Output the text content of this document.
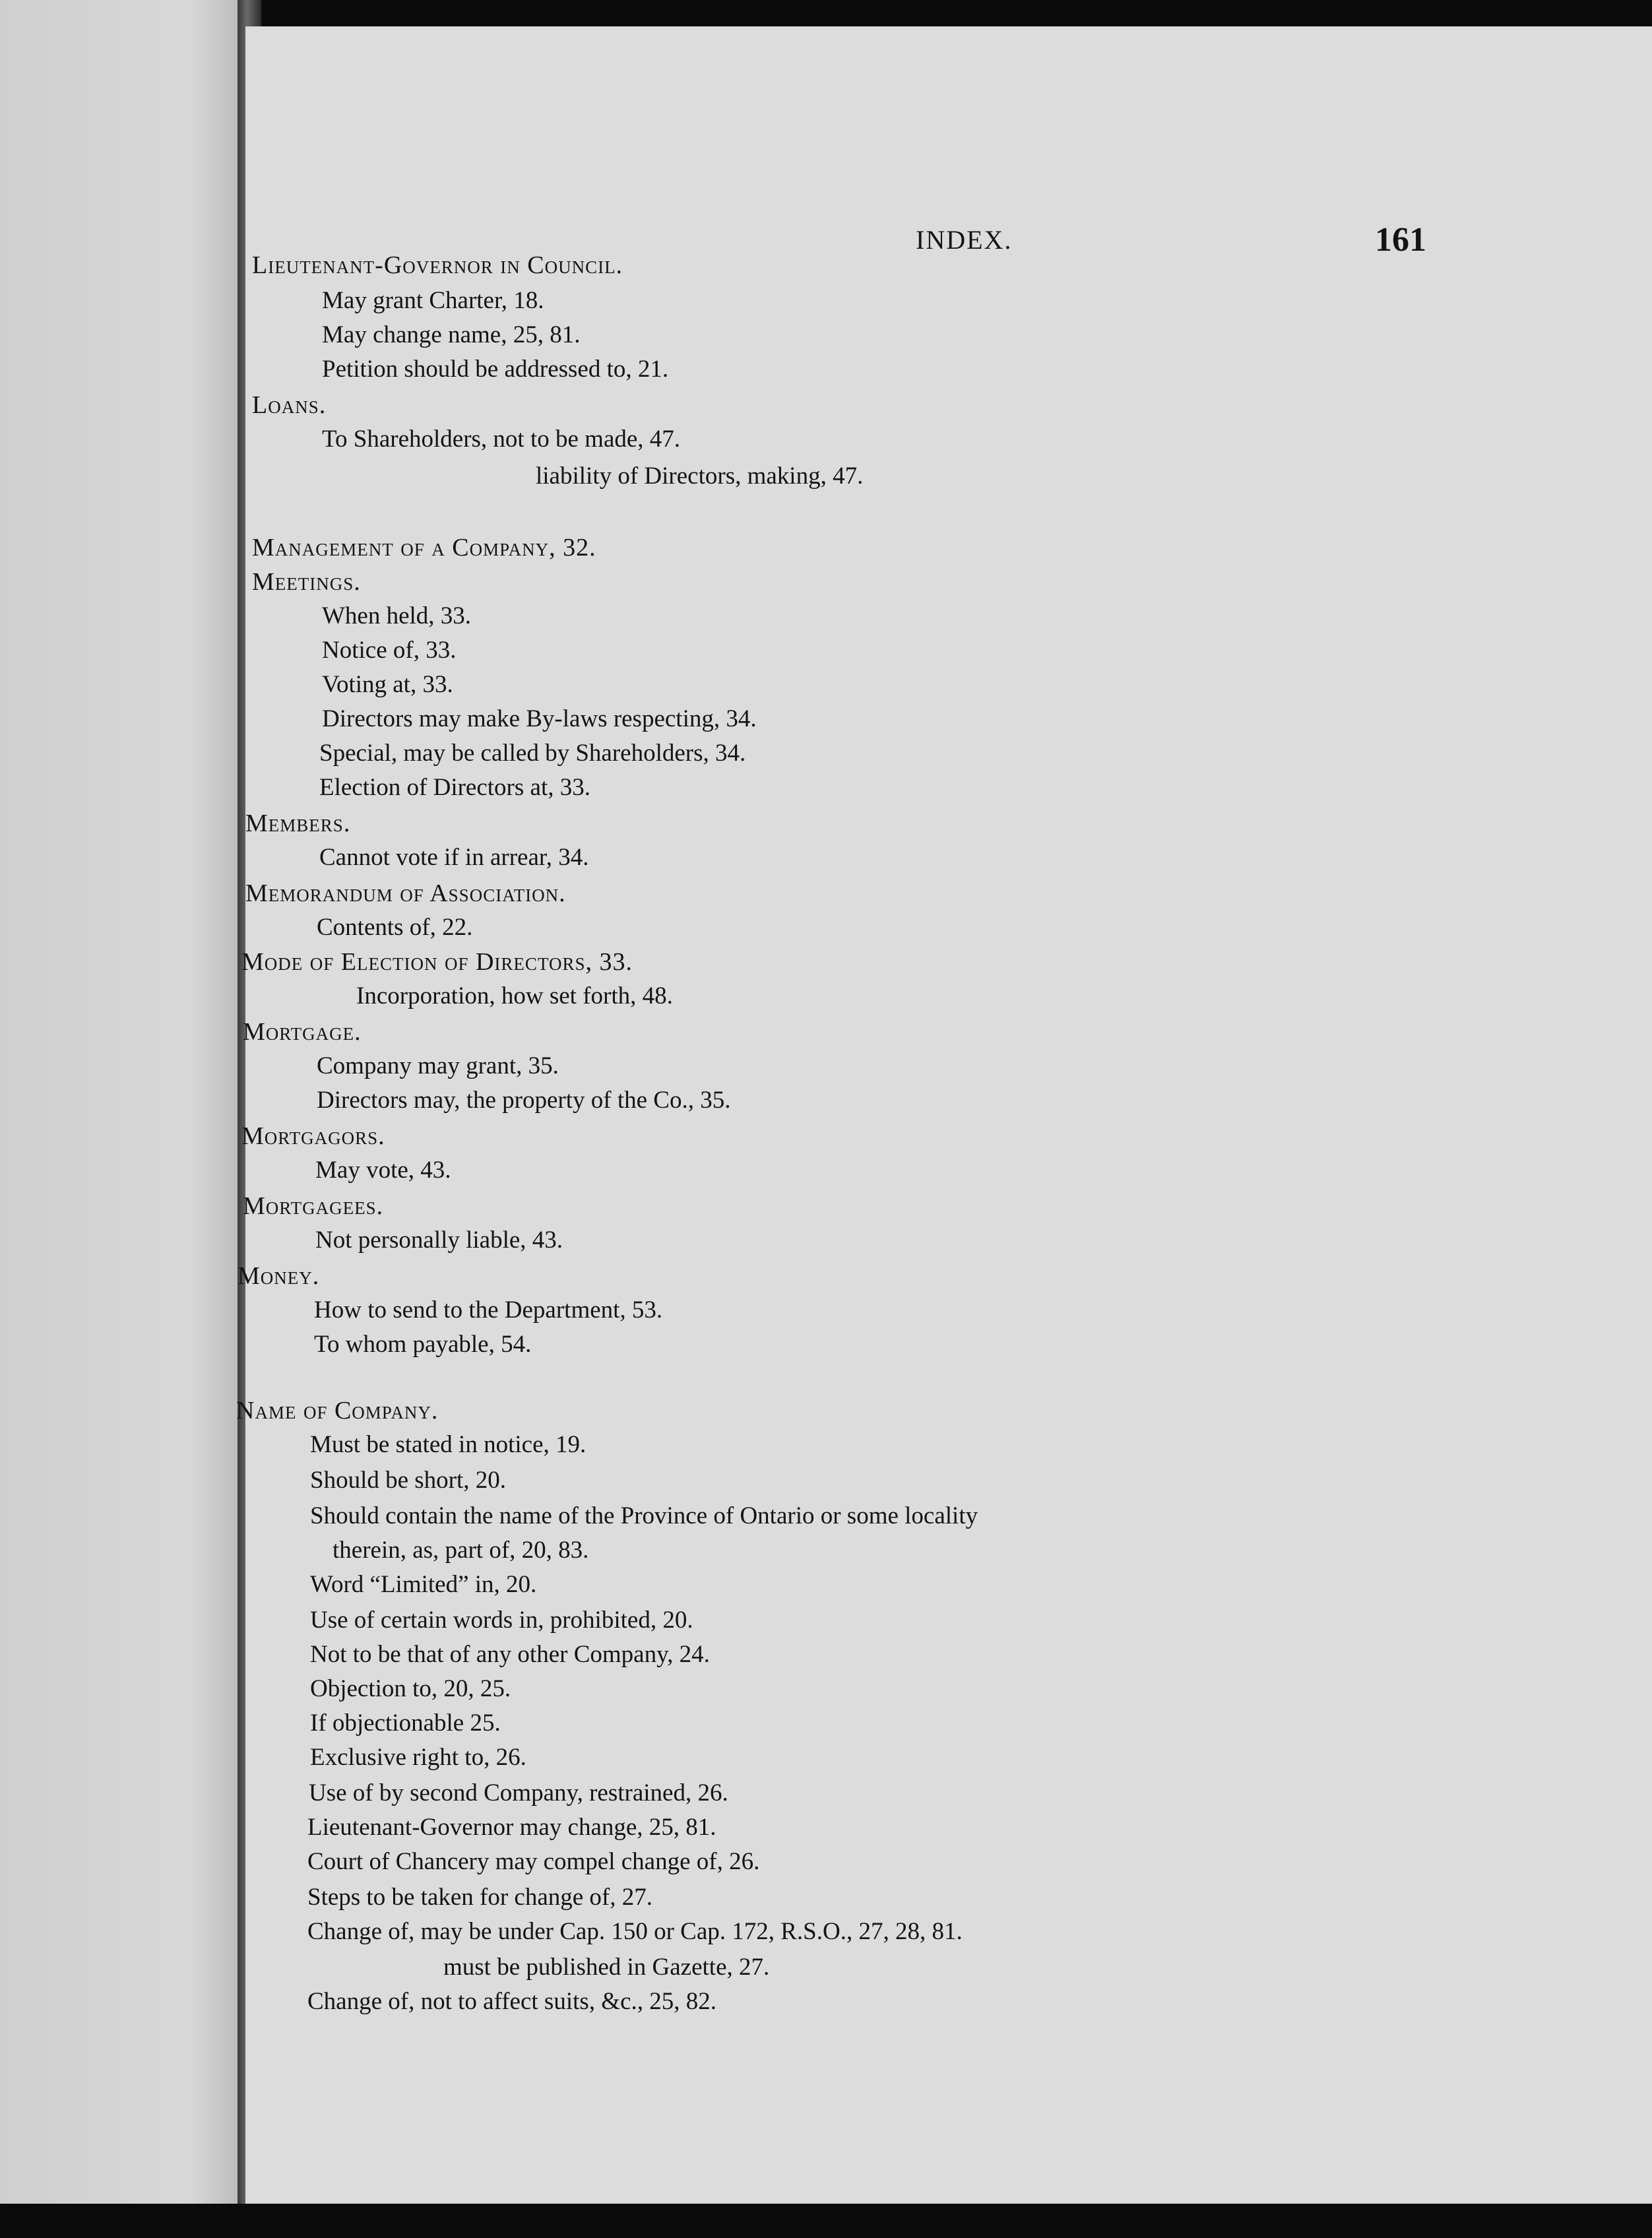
INDEX.	161
Lieutenant-Governor in Council.
May grant Charter, 18.
May change name, 25, 81.
Petition should be addressed to, 21.
Loans.
To Shareholders, not to be made, 47.
liability of Directors, making, 47.
Management of a Company, 32.
Meetings.
When held, 33.
Notice of, 33.
Voting at, 33.
Directors may make By-laws respecting, 34.
Special, may be called by Shareholders, 34.
Election of Directors at, 33.
Members.
Cannot vote if in arrear, 34.
Memorandum of Association.
Contents of, 22.
Mode of Election of Directors, 33.
Incorporation, how set forth, 48.
Mortgage.
Company may grant, 35.
Directors may, the property of the Co., 35.
Mortgagors.
May vote, 43.
Mortgagees.
Not personally liable, 43.
Money.
How to send to the Department, 53.
To whom payable, 54.
Name of Company.
Must be stated in notice, 19.
Should be short, 20.
Should contain the name of the Province of Ontario or some locality
therein, as, part of, 20, 83.
Word “Limited” in, 20.
Use of certain words in, prohibited, 20.
Not to be that of any other Company, 24.
Objection to, 20, 25.
If objectionable 25.
Exclusive right to, 26.
Use of by second Company, restrained, 26.
Lieutenant-Governor may change, 25, 81.
Court of Chancery may compel change of, 26.
Steps to be taken for change of, 27.
Change of, may be under Cap. 150 or Cap. 172, R.S.O., 27, 28, 81.
must be published in Gazette, 27.
Change of, not to affect suits, &c., 25, 82.
